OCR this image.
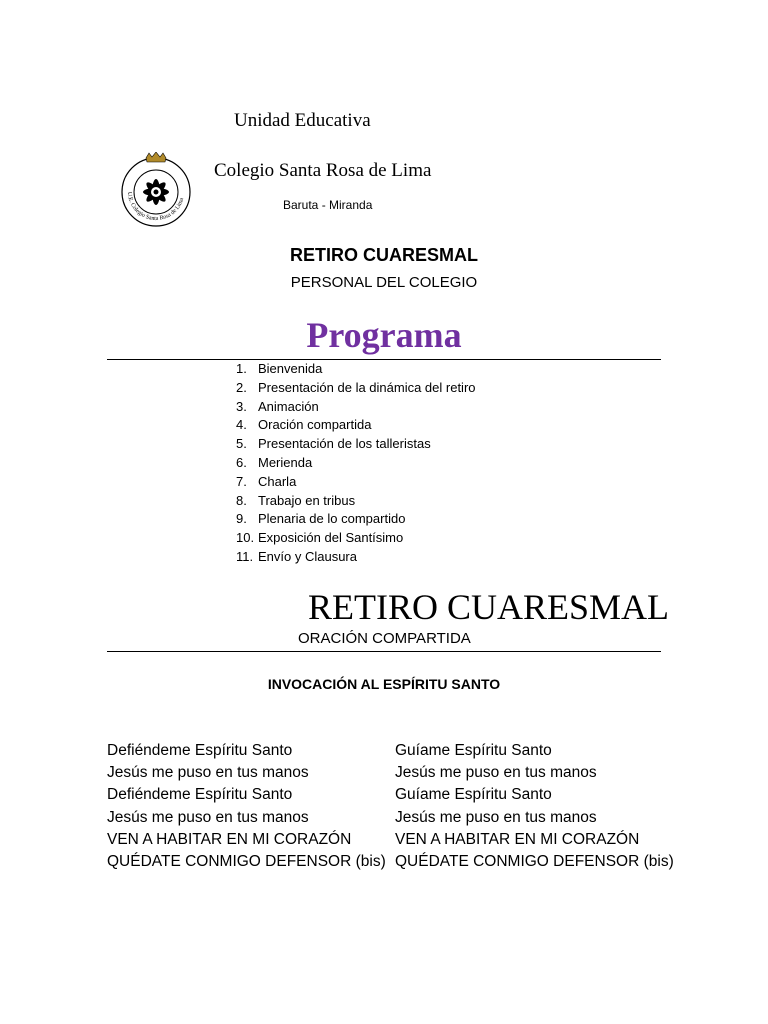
U.E. Colegio Santa Rosa de Lima
Unidad Educativa
Colegio Santa Rosa de Lima
Baruta - Miranda
RETIRO CUARESMAL
PERSONAL DEL COLEGIO
Programa
1. Bienvenida
2. Presentación de la dinámica del retiro
3. Animación
4. Oración compartida
5. Presentación de los talleristas
6. Merienda
7. Charla
8. Trabajo en tribus
9. Plenaria de lo compartido
10. Exposición del Santísimo
11. Envío y Clausura
RETIRO CUARESMAL
ORACIÓN COMPARTIDA
INVOCACIÓN AL ESPÍRITU SANTO
Defiéndeme Espíritu Santo
Jesús me puso en tus manos
Defiéndeme Espíritu Santo
Jesús me puso en tus manos
VEN A HABITAR EN MI CORAZÓN
QUÉDATE CONMIGO DEFENSOR (bis)
Guíame Espíritu Santo
Jesús me puso en tus manos
Guíame Espíritu Santo
Jesús me puso en tus manos
VEN A HABITAR EN MI CORAZÓN
QUÉDATE CONMIGO DEFENSOR (bis)
